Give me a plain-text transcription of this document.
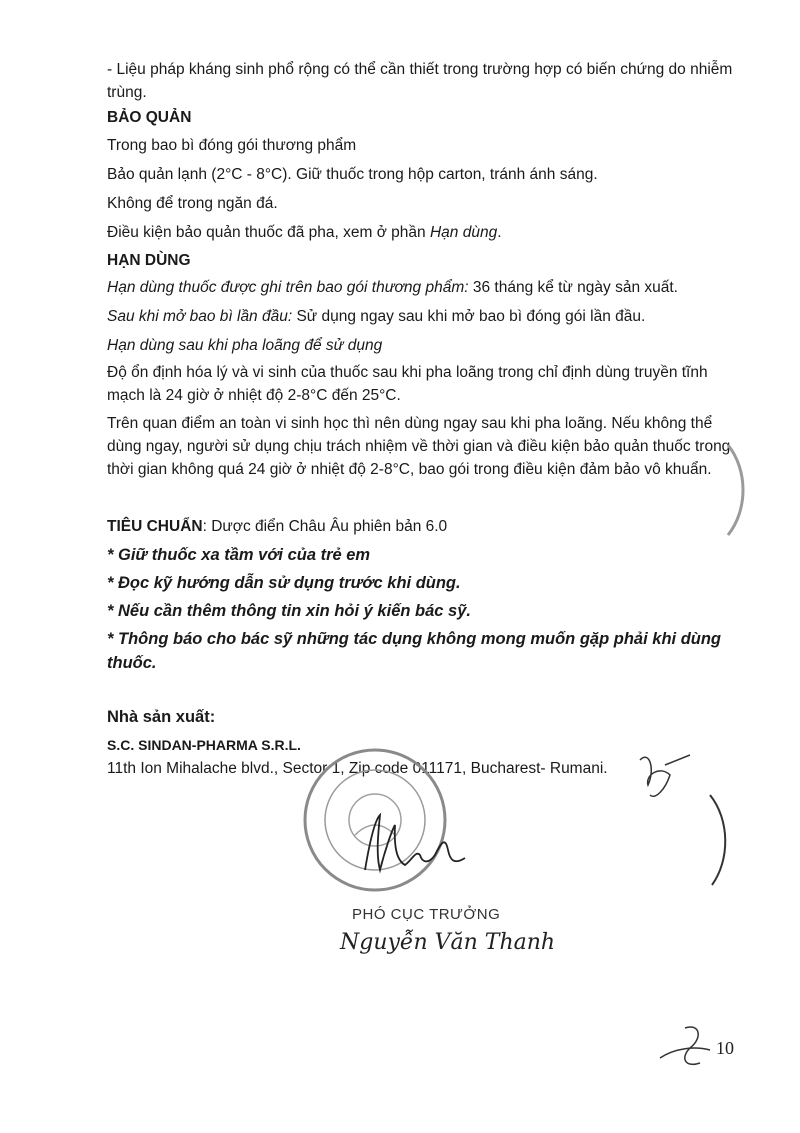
- Liệu pháp kháng sinh phổ rộng có thể cần thiết trong trường hợp có biến chứng do nhiễm trùng.

BẢO QUẢN

Trong bao bì đóng gói thương phẩm

Bảo quản lạnh (2°C - 8°C). Giữ thuốc trong hộp carton, tránh ánh sáng.

Không để trong ngăn đá.

Điều kiện bảo quản thuốc đã pha, xem ở phần Hạn dùng.

HẠN DÙNG

Hạn dùng thuốc được ghi trên bao gói thương phẩm: 36 tháng kể từ ngày sản xuất.

Sau khi mở bao bì lần đầu: Sử dụng ngay sau khi mở bao bì đóng gói lần đầu.

Hạn dùng sau khi pha loãng để sử dụng

Độ ổn định hóa lý và vi sinh của thuốc sau khi pha loãng trong chỉ định dùng truyền tĩnh mạch là 24 giờ ở nhiệt độ 2-8°C đến 25°C.

Trên quan điểm an toàn vi sinh học thì nên dùng ngay sau khi pha loãng. Nếu không thể dùng ngay, người sử dụng chịu trách nhiệm về thời gian và điều kiện bảo quản thuốc trong thời gian không quá 24 giờ ở nhiệt độ 2-8°C, bao gói trong điều kiện đảm bảo vô khuẩn.

TIÊU CHUẨN: Dược điển Châu Âu phiên bản 6.0

* Giữ thuốc xa tầm với của trẻ em

* Đọc kỹ hướng dẫn sử dụng trước khi dùng.

* Nếu cần thêm thông tin xin hỏi ý kiến bác sỹ.

* Thông báo cho bác sỹ những tác dụng không mong muốn gặp phải khi dùng thuốc.

Nhà sản xuất:

S.C. SINDAN-PHARMA S.R.L.

11th Ion Mihalache blvd., Sector 1, Zip code 011171, Bucharest- Rumani.

PHÓ CỤC TRƯỞNG
Nguyễn Văn Thanh
10
